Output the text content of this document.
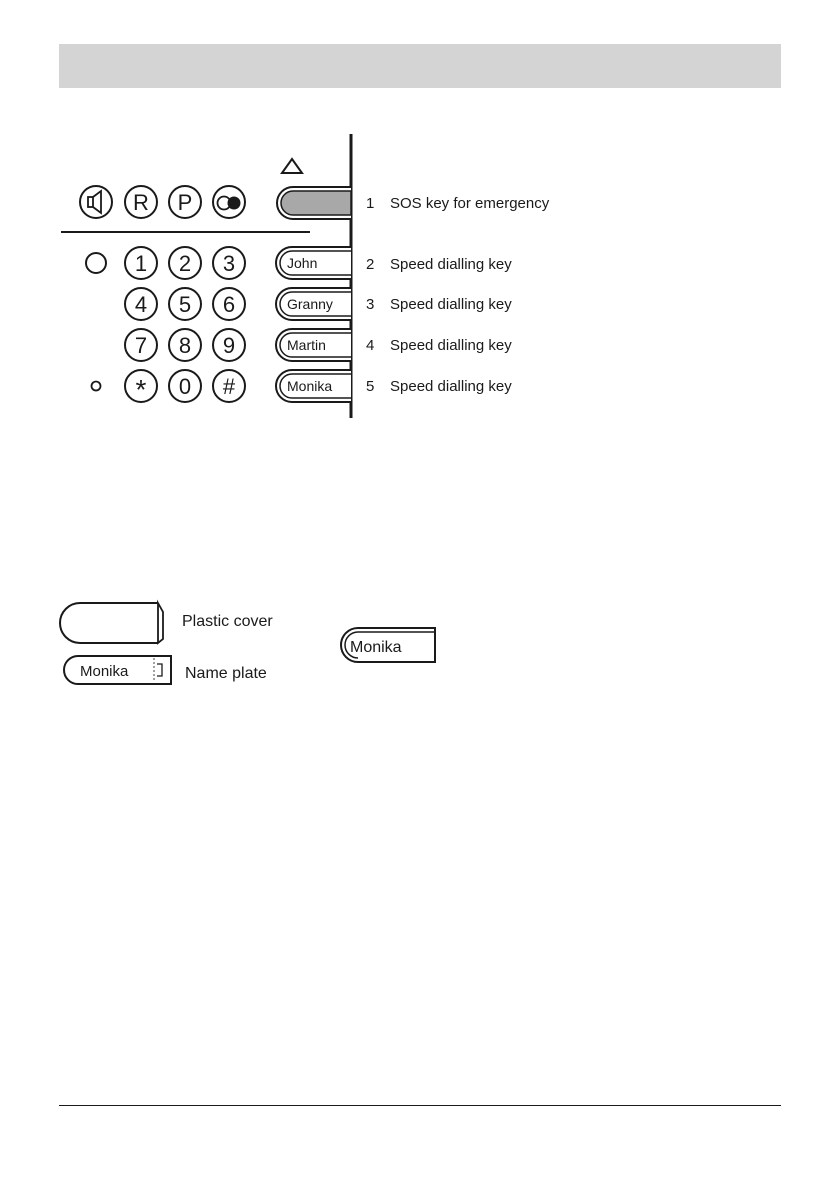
R P
1 2 3
4 5 6
7 8 9
* 0 #
John
Granny
Martin
Monika
1 SOS key for emergency
2 Speed dialling key
3 Speed dialling key
4 Speed dialling key
5 Speed dialling key
Plastic cover
Monika	Name plate
Monika
